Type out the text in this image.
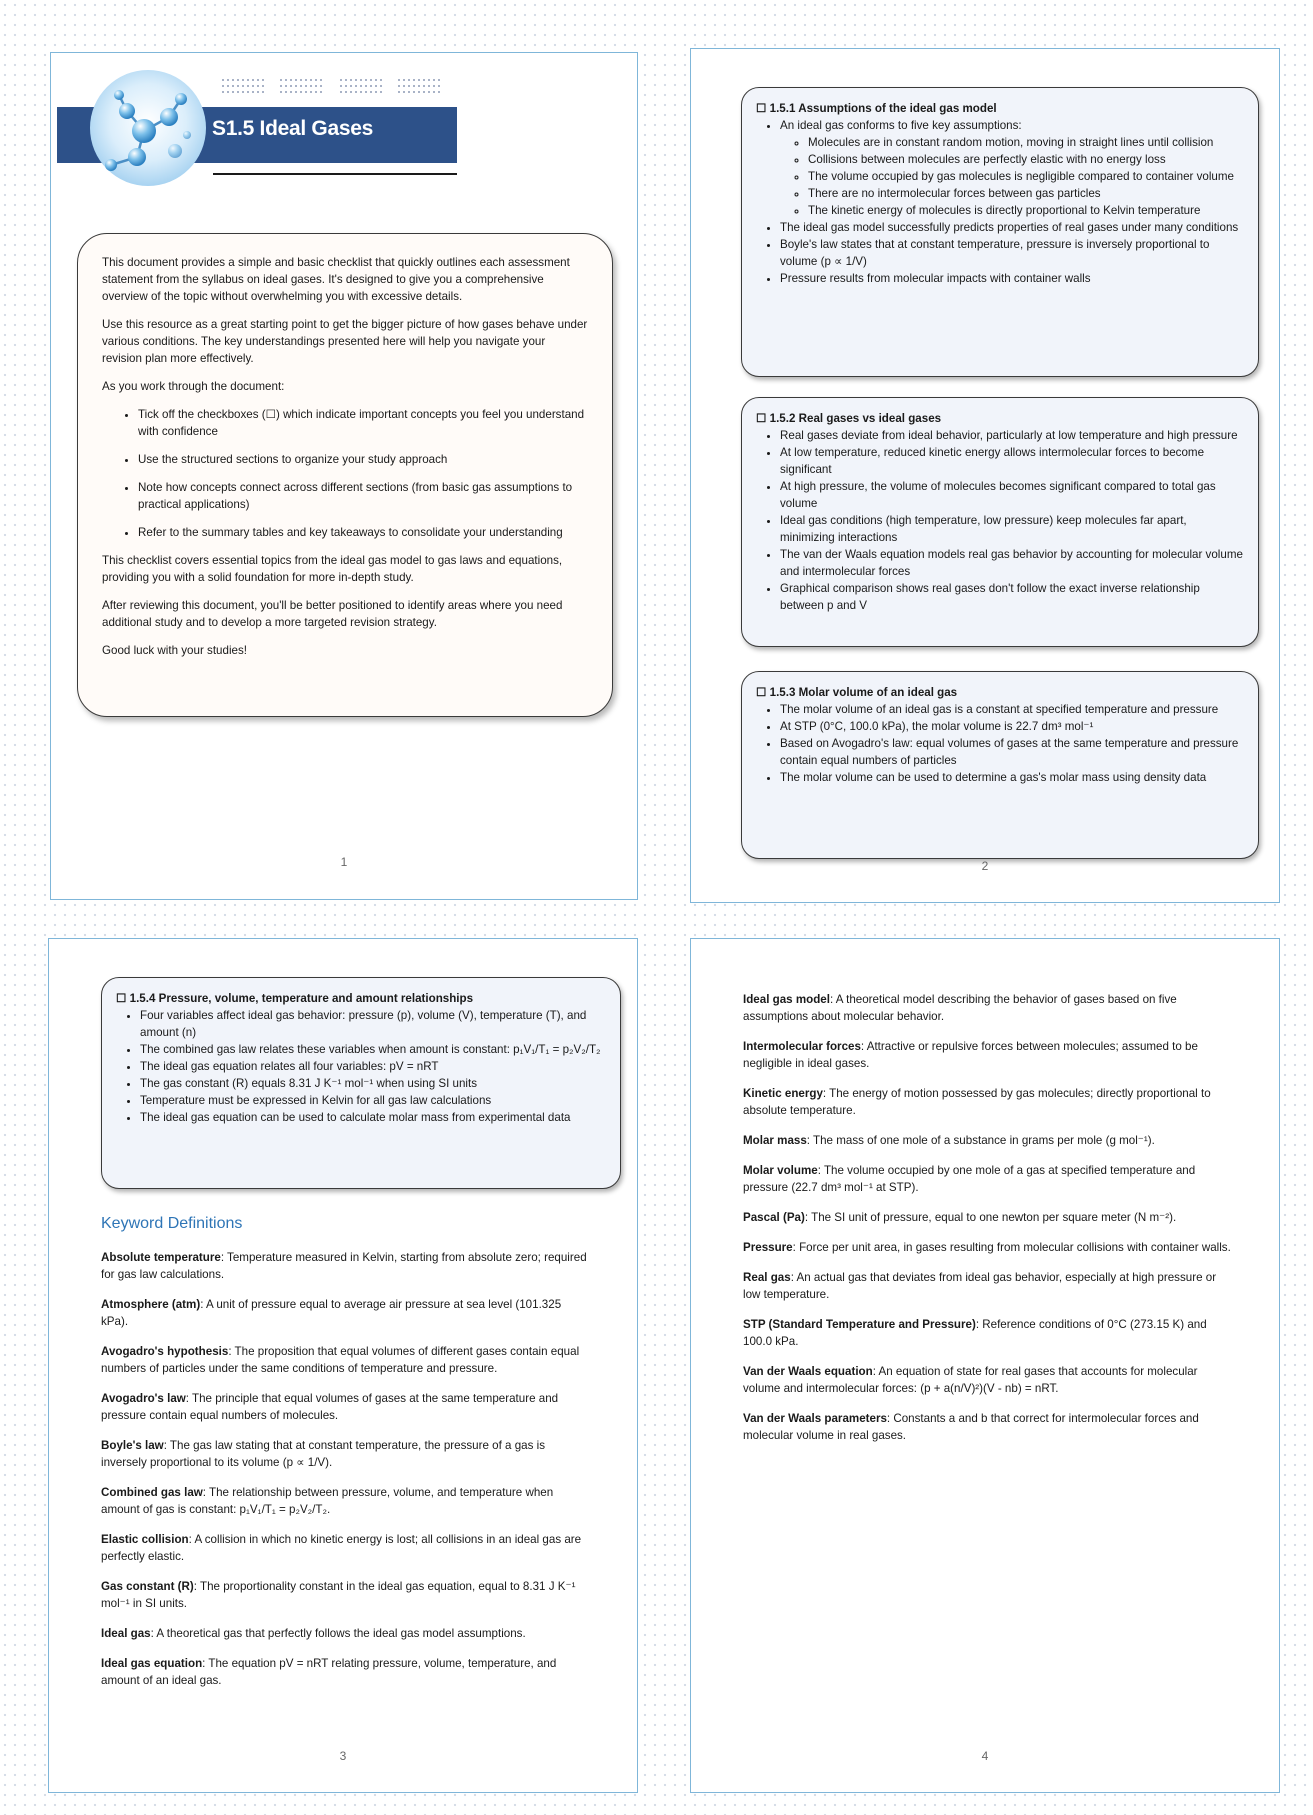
S1.5 Ideal Gases

This document provides a simple and basic checklist that quickly outlines each assessment statement from the syllabus on ideal gases. It's designed to give you a comprehensive overview of the topic without overwhelming you with excessive details.

Use this resource as a great starting point to get the bigger picture of how gases behave under various conditions. The key understandings presented here will help you navigate your revision plan more effectively.

As you work through the document:

• Tick off the checkboxes (☐) which indicate important concepts you feel you understand with confidence
• Use the structured sections to organize your study approach
• Note how concepts connect across different sections (from basic gas assumptions to practical applications)
• Refer to the summary tables and key takeaways to consolidate your understanding

This checklist covers essential topics from the ideal gas model to gas laws and equations, providing you with a solid foundation for more in-depth study.

After reviewing this document, you'll be better positioned to identify areas where you need additional study and to develop a more targeted revision strategy.

Good luck with your studies!

1
☐ 1.5.1 Assumptions of the ideal gas model
• An ideal gas conforms to five key assumptions:
◦ Molecules are in constant random motion, moving in straight lines until collision
◦ Collisions between molecules are perfectly elastic with no energy loss
◦ The volume occupied by gas molecules is negligible compared to container volume
◦ There are no intermolecular forces between gas particles
◦ The kinetic energy of molecules is directly proportional to Kelvin temperature
• The ideal gas model successfully predicts properties of real gases under many conditions
• Boyle's law states that at constant temperature, pressure is inversely proportional to volume (p ∝ 1/V)
• Pressure results from molecular impacts with container walls
☐ 1.5.2 Real gases vs ideal gases
• Real gases deviate from ideal behavior, particularly at low temperature and high pressure
• At low temperature, reduced kinetic energy allows intermolecular forces to become significant
• At high pressure, the volume of molecules becomes significant compared to total gas volume
• Ideal gas conditions (high temperature, low pressure) keep molecules far apart, minimizing interactions
• The van der Waals equation models real gas behavior by accounting for molecular volume and intermolecular forces
• Graphical comparison shows real gases don't follow the exact inverse relationship between p and V
☐ 1.5.3 Molar volume of an ideal gas
• The molar volume of an ideal gas is a constant at specified temperature and pressure
• At STP (0°C, 100.0 kPa), the molar volume is 22.7 dm³ mol⁻¹
• Based on Avogadro's law: equal volumes of gases at the same temperature and pressure contain equal numbers of particles
• The molar volume can be used to determine a gas's molar mass using density data
2
☐ 1.5.4 Pressure, volume, temperature and amount relationships
• Four variables affect ideal gas behavior: pressure (p), volume (V), temperature (T), and amount (n)
• The combined gas law relates these variables when amount is constant: p₁V₁/T₁ = p₂V₂/T₂
• The ideal gas equation relates all four variables: pV = nRT
• The gas constant (R) equals 8.31 J K⁻¹ mol⁻¹ when using SI units
• Temperature must be expressed in Kelvin for all gas law calculations
• The ideal gas equation can be used to calculate molar mass from experimental data
Keyword Definitions
Absolute temperature: Temperature measured in Kelvin, starting from absolute zero; required for gas law calculations.
Atmosphere (atm): A unit of pressure equal to average air pressure at sea level (101.325 kPa).
Avogadro's hypothesis: The proposition that equal volumes of different gases contain equal numbers of particles under the same conditions of temperature and pressure.
Avogadro's law: The principle that equal volumes of gases at the same temperature and pressure contain equal numbers of molecules.
Boyle's law: The gas law stating that at constant temperature, the pressure of a gas is inversely proportional to its volume (p ∝ 1/V).
Combined gas law: The relationship between pressure, volume, and temperature when amount of gas is constant: p₁V₁/T₁ = p₂V₂/T₂.
Elastic collision: A collision in which no kinetic energy is lost; all collisions in an ideal gas are perfectly elastic.
Gas constant (R): The proportionality constant in the ideal gas equation, equal to 8.31 J K⁻¹ mol⁻¹ in SI units.
Ideal gas: A theoretical gas that perfectly follows the ideal gas model assumptions.
Ideal gas equation: The equation pV = nRT relating pressure, volume, temperature, and amount of an ideal gas.
3
Ideal gas model: A theoretical model describing the behavior of gases based on five assumptions about molecular behavior.
Intermolecular forces: Attractive or repulsive forces between molecules; assumed to be negligible in ideal gases.
Kinetic energy: The energy of motion possessed by gas molecules; directly proportional to absolute temperature.
Molar mass: The mass of one mole of a substance in grams per mole (g mol⁻¹).
Molar volume: The volume occupied by one mole of a gas at specified temperature and pressure (22.7 dm³ mol⁻¹ at STP).
Pascal (Pa): The SI unit of pressure, equal to one newton per square meter (N m⁻²).
Pressure: Force per unit area, in gases resulting from molecular collisions with container walls.
Real gas: An actual gas that deviates from ideal gas behavior, especially at high pressure or low temperature.
STP (Standard Temperature and Pressure): Reference conditions of 0°C (273.15 K) and 100.0 kPa.
Van der Waals equation: An equation of state for real gases that accounts for molecular volume and intermolecular forces: (p + a(n/V)²)(V - nb) = nRT.
Van der Waals parameters: Constants a and b that correct for intermolecular forces and molecular volume in real gases.
4
